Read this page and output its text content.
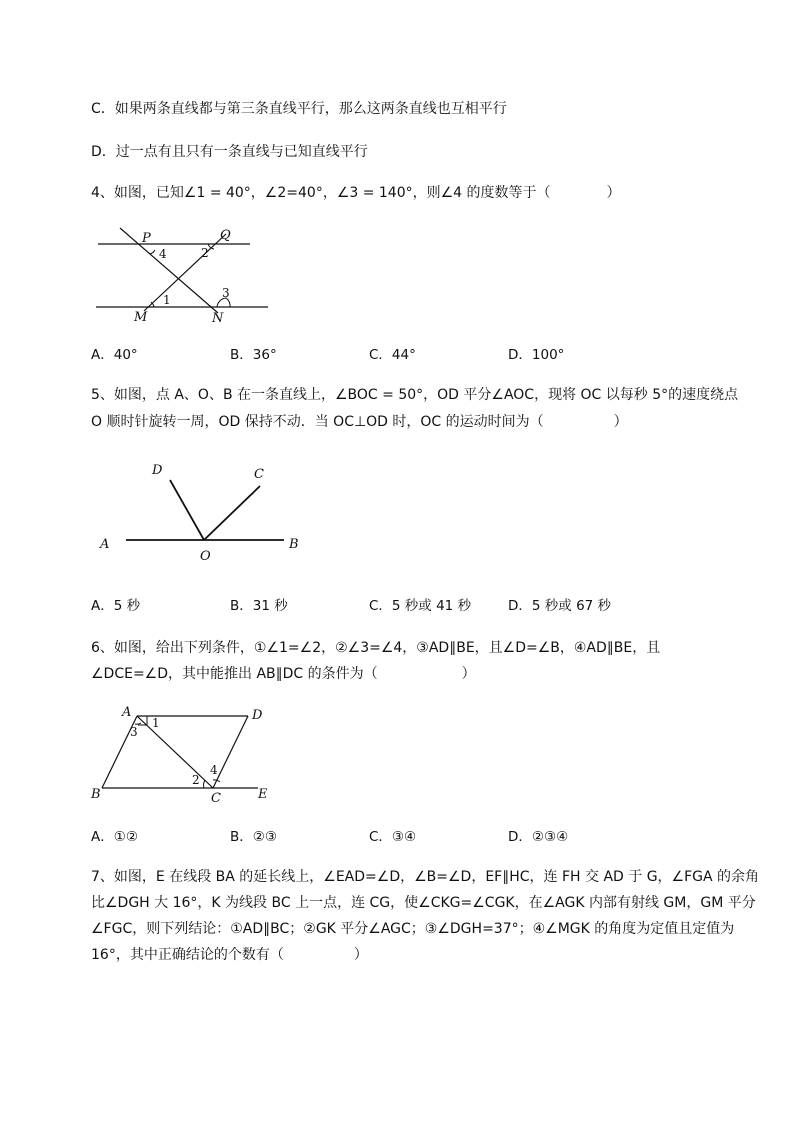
C．如果两条直线都与第三条直线平行，那么这两条直线也互相平行
D．过一点有且只有一条直线与已知直线平行
4、如图，已知∠1 = 40°，∠2=40°，∠3 = 140°，则∠4 的度数等于（　　　　）
P	Q
M	N
4	2
3
1
A．40°	B．36°	C．44°	D．100°
5、如图，点 A、O、B 在一条直线上，∠BOC = 50°，OD 平分∠AOC，现将 OC 以每秒 5°的速度绕点
O 顺时针旋转一周，OD 保持不动．当 OC⊥OD 时，OC 的运动时间为（　　　　　）
A	B
C
D
O
A．5 秒	B．31 秒	C．5 秒或 41 秒	D．5 秒或 67 秒
6、如图，给出下列条件，①∠1=∠2，②∠3=∠4，③AD∥BE，且∠D=∠B，④AD∥BE，且
∠DCE=∠D，其中能推出 AB∥DC 的条件为（　　　　　　）
A	D
B	C	E
1
3
2
4
A．①②	B．②③	C．③④	D．②③④
7、如图，E 在线段 BA 的延长线上，∠EAD=∠D，∠B=∠D，EF∥HC，连 FH 交 AD 于 G，∠FGA 的余角
比∠DGH 大 16°，K 为线段 BC 上一点，连 CG，使∠CKG=∠CGK，在∠AGK 内部有射线 GM，GM 平分
∠FGC，则下列结论：①AD∥BC；②GK 平分∠AGC；③∠DGH=37°；④∠MGK 的角度为定值且定值为
16°，其中正确结论的个数有（　　　　　）
